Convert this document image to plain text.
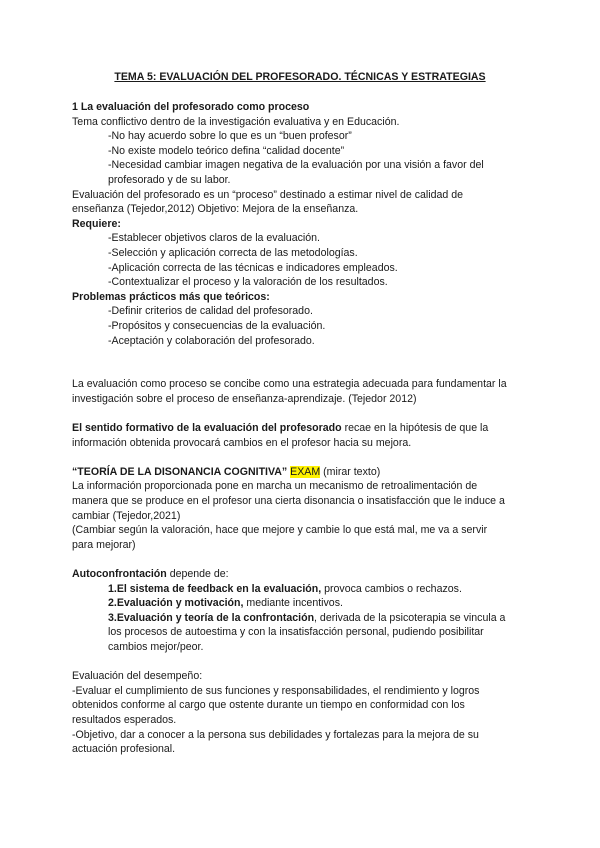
TEMA 5: EVALUACIÓN DEL PROFESORADO. TÉCNICAS Y ESTRATEGIAS
1 La evaluación del profesorado como proceso
Tema conflictivo dentro de la investigación evaluativa y en Educación.
-No hay acuerdo sobre lo que es un “buen profesor”
-No existe modelo teórico defina “calidad docente”
-Necesidad cambiar imagen negativa de la evaluación por una visión a favor del
profesorado y de su labor.
Evaluación del profesorado es un “proceso” destinado a estimar nivel de calidad de
enseñanza (Tejedor,2012) Objetivo: Mejora de la enseñanza.
Requiere:
-Establecer objetivos claros de la evaluación.
-Selección y aplicación correcta de las metodologías.
-Aplicación correcta de las técnicas e indicadores empleados.
-Contextualizar el proceso y la valoración de los resultados.
Problemas prácticos más que teóricos:
-Definir criterios de calidad del profesorado.
-Propósitos y consecuencias de la evaluación.
-Aceptación y colaboración del profesorado.
La evaluación como proceso se concibe como una estrategia adecuada para fundamentar la
investigación sobre el proceso de enseñanza-aprendizaje. (Tejedor 2012)
El sentido formativo de la evaluación del profesorado recae en la hipótesis de que la
información obtenida provocará cambios en el profesor hacia su mejora.
“TEORÍA DE LA DISONANCIA COGNITIVA” EXAM (mirar texto)
La información proporcionada pone en marcha un mecanismo de retroalimentación de
manera que se produce en el profesor una cierta disonancia o insatisfacción que le induce a
cambiar (Tejedor,2021)
(Cambiar según la valoración, hace que mejore y cambie lo que está mal, me va a servir
para mejorar)
Autoconfrontación depende de:
1.El sistema de feedback en la evaluación, provoca cambios o rechazos.
2.Evaluación y motivación, mediante incentivos.
3.Evaluación y teoría de la confrontación, derivada de la psicoterapia se vincula a
los procesos de autoestima y con la insatisfacción personal, pudiendo posibilitar
cambios mejor/peor.
Evaluación del desempeño:
-Evaluar el cumplimiento de sus funciones y responsabilidades, el rendimiento y logros
obtenidos conforme al cargo que ostente durante un tiempo en conformidad con los
resultados esperados.
-Objetivo, dar a conocer a la persona sus debilidades y fortalezas para la mejora de su
actuación profesional.
